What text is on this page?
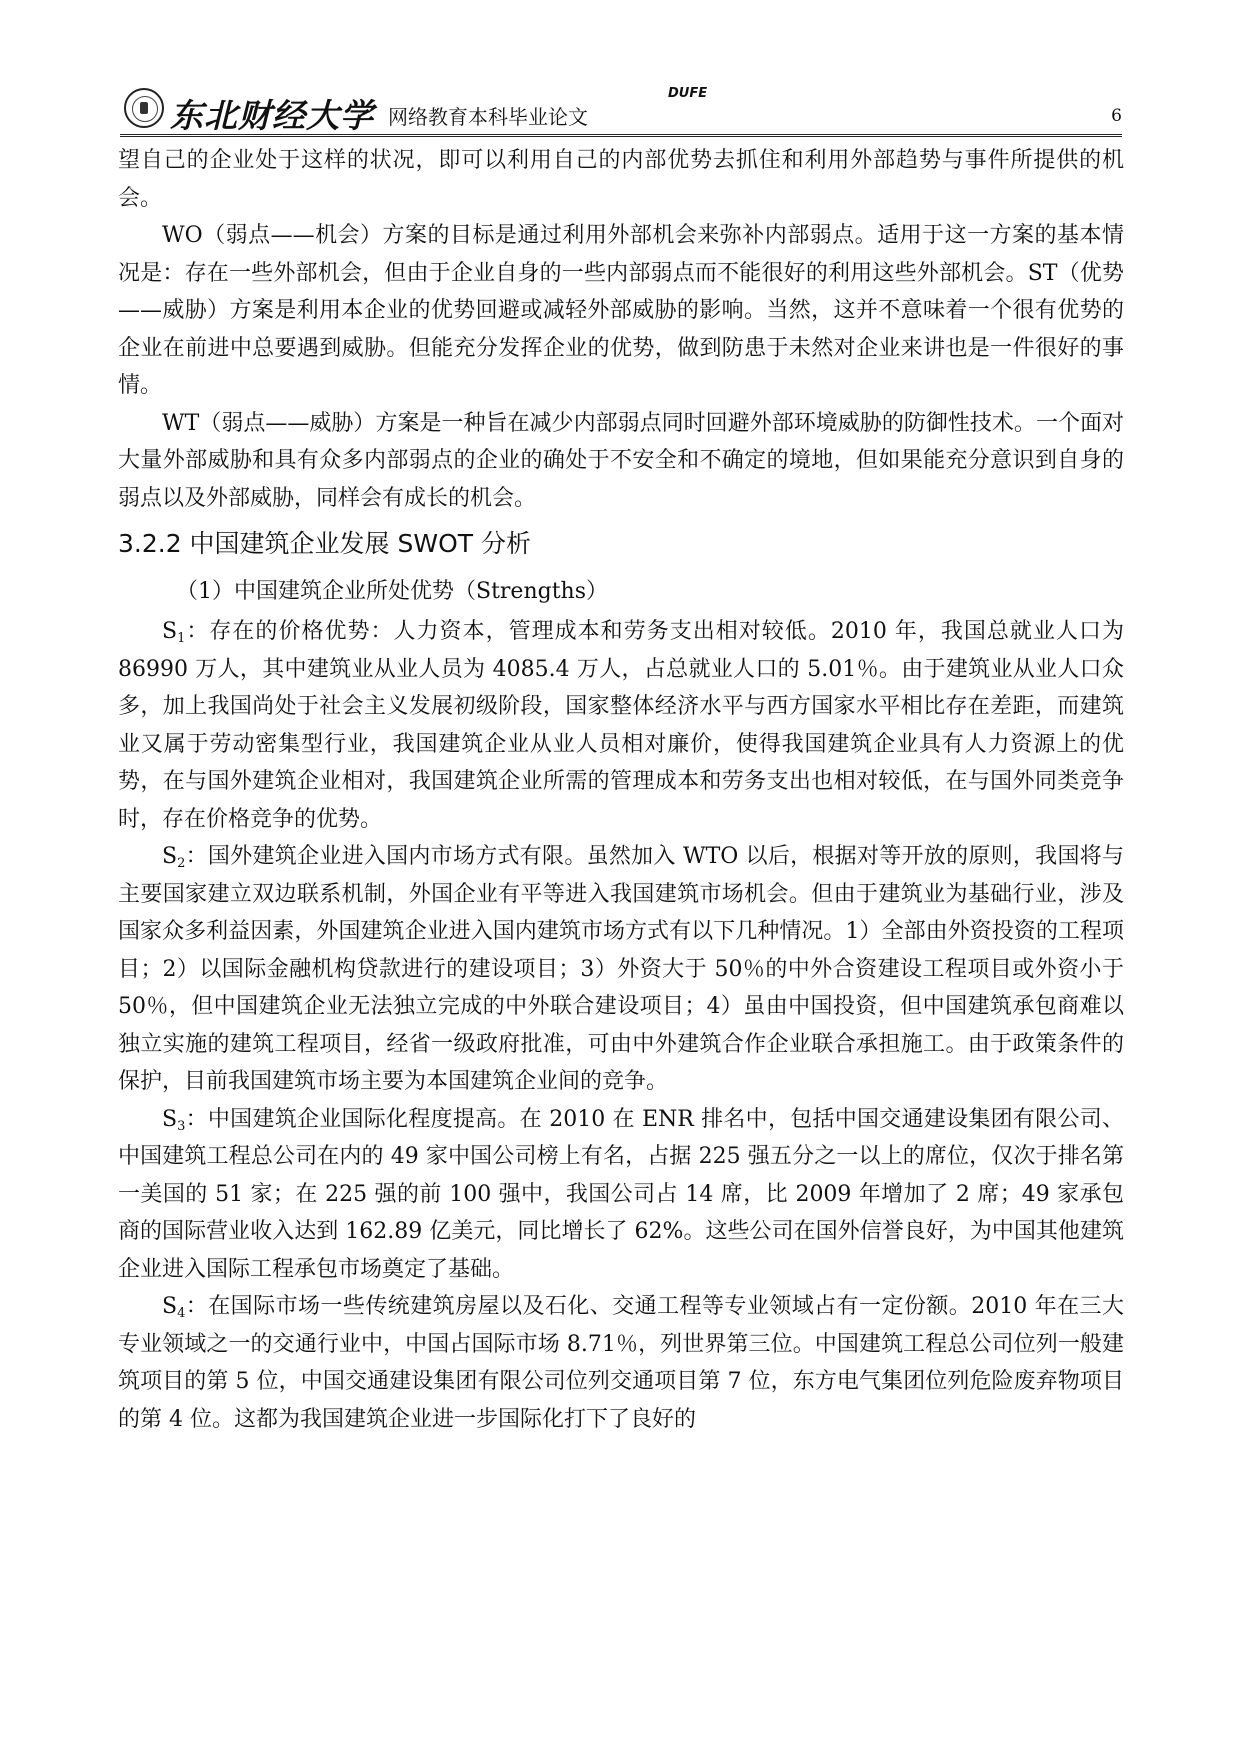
东北财经大学 网络教育本科毕业论文
DUFE
6

望自己的企业处于这样的状况，即可以利用自己的内部优势去抓住和利用外部趋势与事件所提供的机会。

WO（弱点——机会）方案的目标是通过利用外部机会来弥补内部弱点。适用于这一方案的基本情况是：存在一些外部机会，但由于企业自身的一些内部弱点而不能很好的利用这些外部机会。ST（优势——威胁）方案是利用本企业的优势回避或减轻外部威胁的影响。当然，这并不意味着一个很有优势的企业在前进中总要遇到威胁。但能充分发挥企业的优势，做到防患于未然对企业来讲也是一件很好的事情。

WT（弱点——威胁）方案是一种旨在减少内部弱点同时回避外部环境威胁的防御性技术。一个面对大量外部威胁和具有众多内部弱点的企业的确处于不安全和不确定的境地，但如果能充分意识到自身的弱点以及外部威胁，同样会有成长的机会。

3.2.2 中国建筑企业发展 SWOT 分析

（1）中国建筑企业所处优势（Strengths）

$S_1$：存在的价格优势：人力资本，管理成本和劳务支出相对较低。2010 年，我国总就业人口为 86990 万人，其中建筑业从业人员为 4085.4 万人，占总就业人口的 5.01％。由于建筑业从业人口众多，加上我国尚处于社会主义发展初级阶段，国家整体经济水平与西方国家水平相比存在差距，而建筑业又属于劳动密集型行业，我国建筑企业从业人员相对廉价，使得我国建筑企业具有人力资源上的优势，在与国外建筑企业相对，我国建筑企业所需的管理成本和劳务支出也相对较低，在与国外同类竞争时，存在价格竞争的优势。

$S_2$：国外建筑企业进入国内市场方式有限。虽然加入 WTO 以后，根据对等开放的原则，我国将与主要国家建立双边联系机制，外国企业有平等进入我国建筑市场机会。但由于建筑业为基础行业，涉及国家众多利益因素，外国建筑企业进入国内建筑市场方式有以下几种情况。1）全部由外资投资的工程项目；2）以国际金融机构贷款进行的建设项目；3）外资大于 50％的中外合资建设工程项目或外资小于 50％，但中国建筑企业无法独立完成的中外联合建设项目；4）虽由中国投资，但中国建筑承包商难以独立实施的建筑工程项目，经省一级政府批准，可由中外建筑合作企业联合承担施工。由于政策条件的保护，目前我国建筑市场主要为本国建筑企业间的竞争。

$S_3$：中国建筑企业国际化程度提高。在 2010 在 ENR 排名中，包括中国交通建设集团有限公司、中国建筑工程总公司在内的 49 家中国公司榜上有名，占据 225 强五分之一以上的席位，仅次于排名第一美国的 51 家；在 225 强的前 100 强中，我国公司占 14 席，比 2009 年增加了 2 席；49 家承包商的国际营业收入达到 162.89 亿美元，同比增长了 62%。这些公司在国外信誉良好，为中国其他建筑企业进入国际工程承包市场奠定了基础。

$S_4$：在国际市场一些传统建筑房屋以及石化、交通工程等专业领域占有一定份额。2010 年在三大专业领域之一的交通行业中，中国占国际市场 8.71％，列世界第三位。中国建筑工程总公司位列一般建筑项目的第 5 位，中国交通建设集团有限公司位列交通项目第 7 位，东方电气集团位列危险废弃物项目的第 4 位。这都为我国建筑企业进一步国际化打下了良好的
